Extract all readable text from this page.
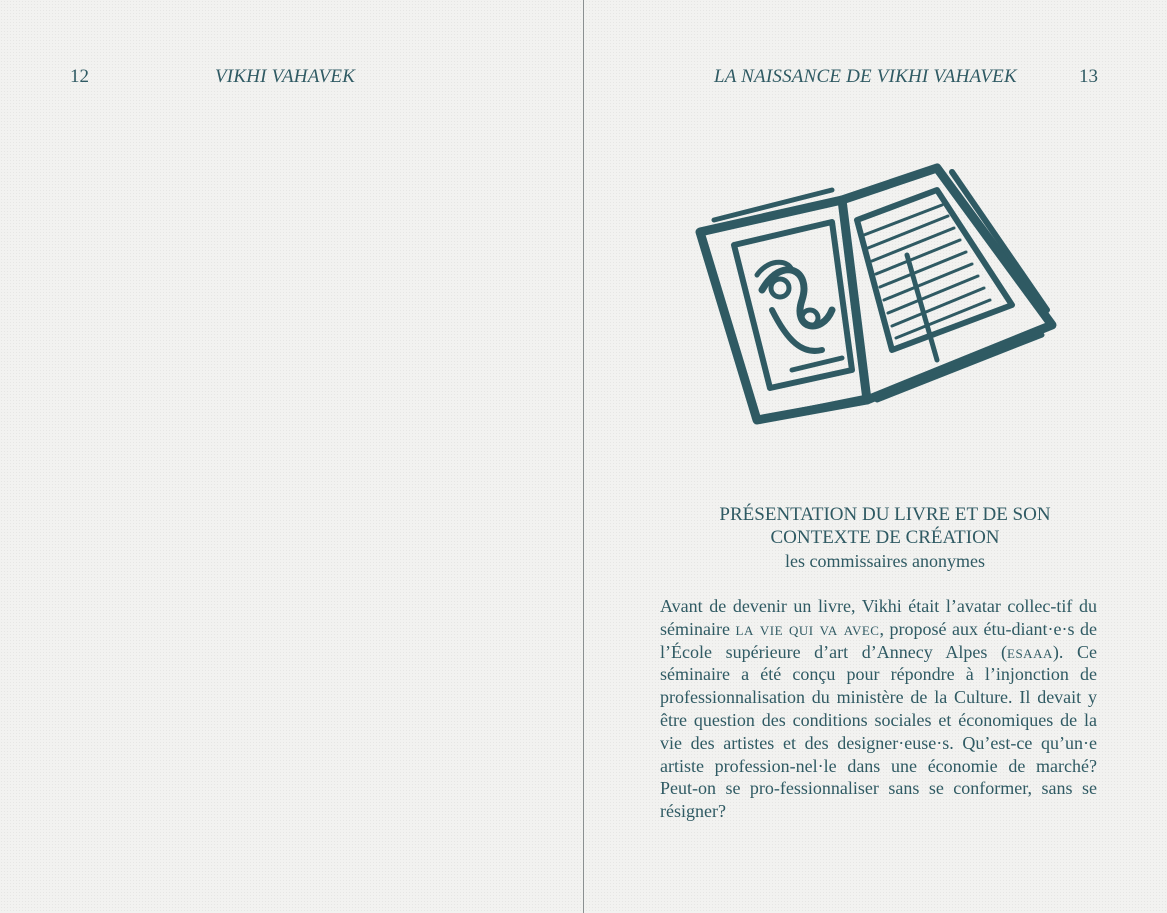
12	VIKHI VAHAVEK	LA NAISSANCE DE VIKHI VAHAVEK	13
PRÉSENTATION DU LIVRE ET DE SON
CONTEXTE DE CRÉATION
les commissaires anonymes
Avant de devenir un livre, Vikhi était l’avatar collec-tif du séminaire la vie qui va avec, proposé aux étu-diant·e·s de l’École supérieure d’art d’Annecy Alpes (esaaa). Ce séminaire a été conçu pour répondre à l’injonction de professionnalisation du ministère de la Culture. Il devait y être question des conditions sociales et économiques de la vie des artistes et des designer·euse·s. Qu’est-ce qu’un·e artiste profession-nel·le dans une économie de marché? Peut-on se pro-fessionnaliser sans se conformer, sans se résigner?
